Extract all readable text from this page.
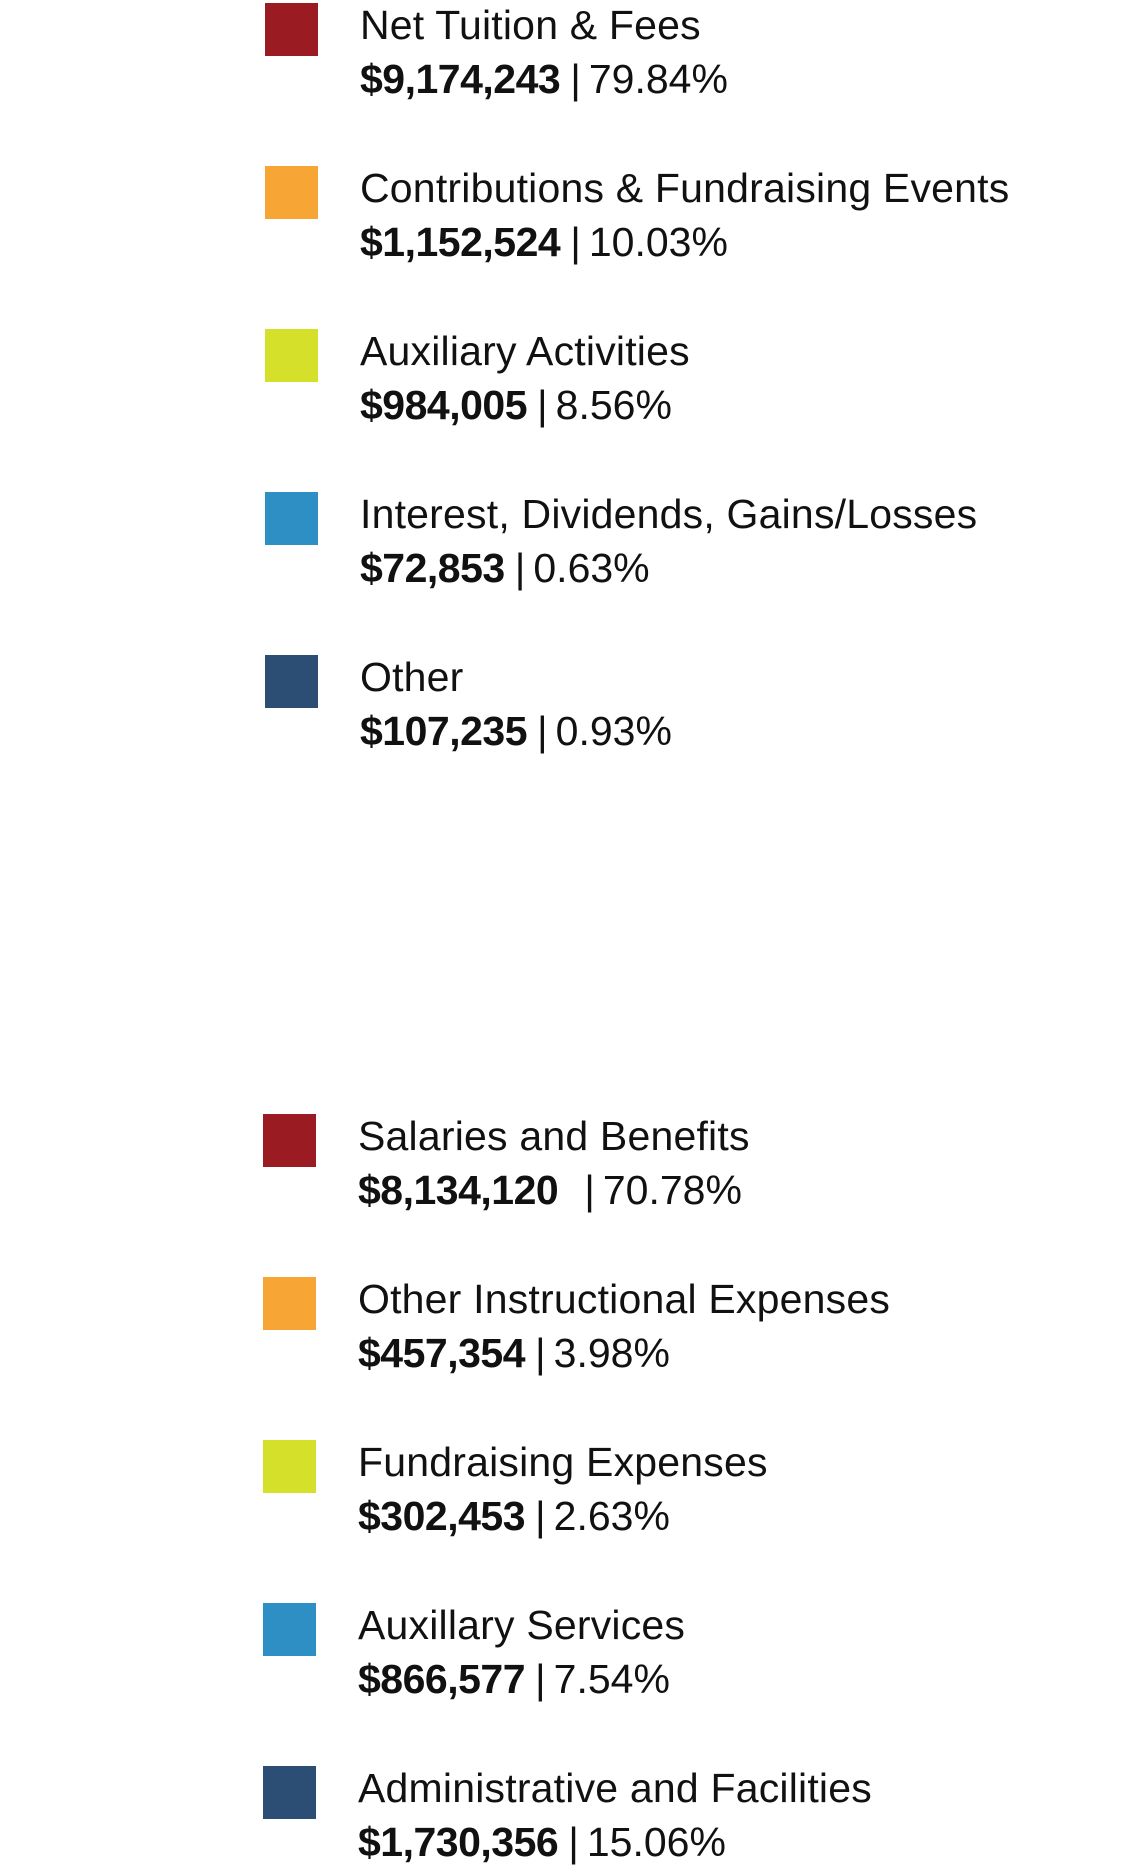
Net Tuition & Fees
$9,174,243 | 79.84%
Contributions & Fundraising Events
$1,152,524 | 10.03%
Auxiliary Activities
$984,005 | 8.56%
Interest, Dividends, Gains/Losses
$72,853 | 0.63%
Other
$107,235 | 0.93%
Salaries and Benefits
$8,134,120 | 70.78%
Other Instructional Expenses
$457,354 | 3.98%
Fundraising Expenses
$302,453 | 2.63%
Auxillary Services
$866,577 | 7.54%
Administrative and Facilities
$1,730,356 | 15.06%
